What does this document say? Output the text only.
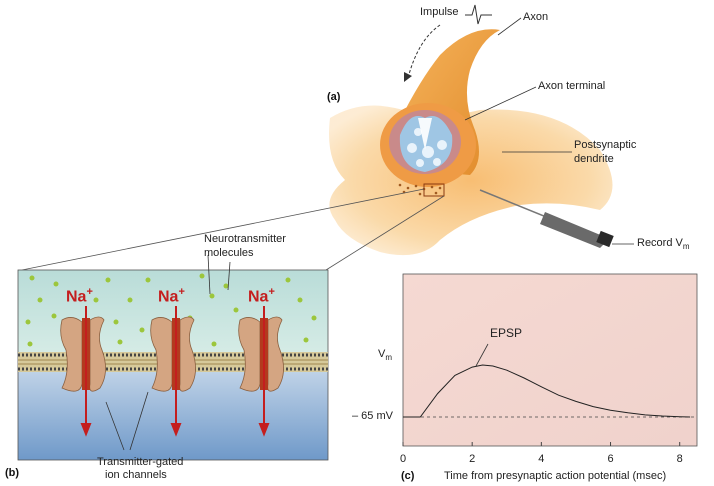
(a)
Impulse	Axon
Axon terminal
Postsynaptic
dendrite
Record $V_m$
(b)
Neurotransmitter
molecules
Na+	Na+	Na+
Transmitter-gated
ion channels
0	2	4	6	8
(c)
$V_m$
– 65 mV
EPSP
Time from presynaptic action potential (msec)
